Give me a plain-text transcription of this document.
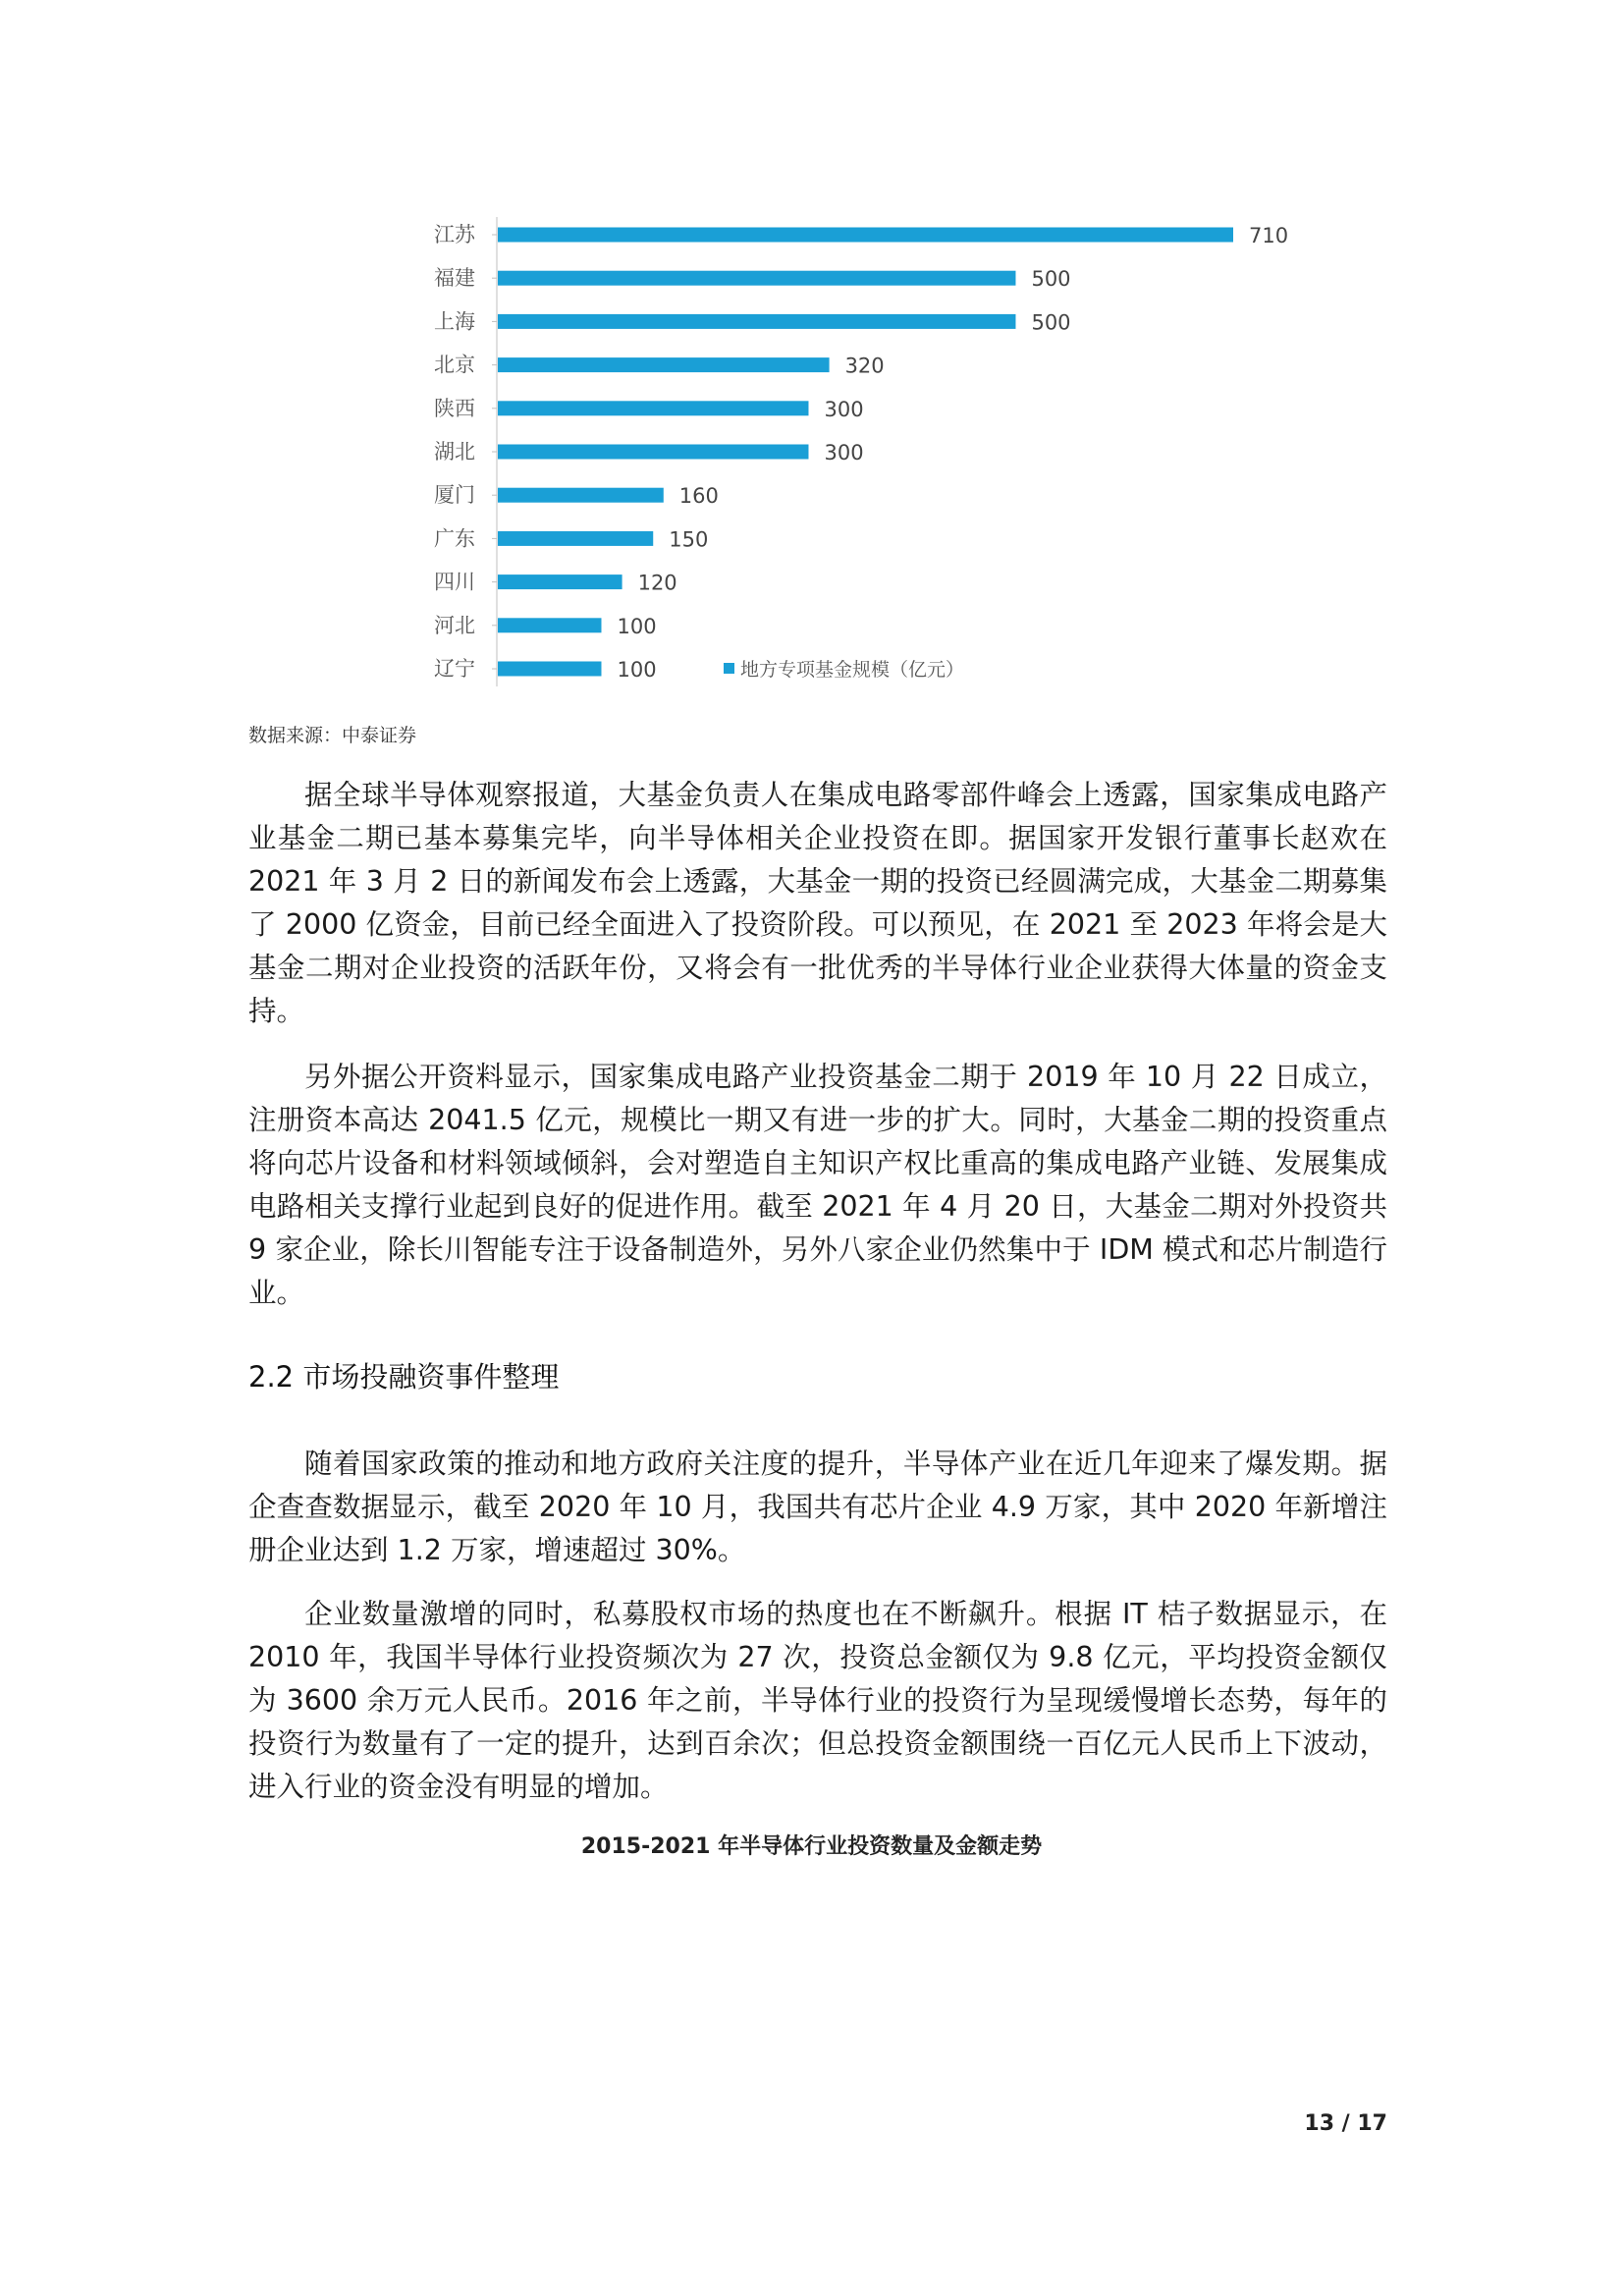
江苏
福建
上海
北京
陕西
湖北
厦门
广东
四川
河北
辽宁
710
500
500
320
300
300
160
150
120
100
100	地方专项基金规模（亿元）
数据来源：中泰证券

据全球半导体观察报道，大基金负责人在集成电路零部件峰会上透露，国家集成电路产业基金二期已基本募集完毕，向半导体相关企业投资在即。据国家开发银行董事长赵欢在 2021 年 3 月 2 日的新闻发布会上透露，大基金一期的投资已经圆满完成，大基金二期募集了 2000 亿资金，目前已经全面进入了投资阶段。可以预见，在 2021 至 2023 年将会是大基金二期对企业投资的活跃年份，又将会有一批优秀的半导体行业企业获得大体量的资金支持。

另外据公开资料显示，国家集成电路产业投资基金二期于 2019 年 10 月 22 日成立，注册资本高达 2041.5 亿元，规模比一期又有进一步的扩大。同时，大基金二期的投资重点将向芯片设备和材料领域倾斜，会对塑造自主知识产权比重高的集成电路产业链、发展集成电路相关支撑行业起到良好的促进作用。截至 2021 年 4 月 20 日，大基金二期对外投资共 9 家企业，除长川智能专注于设备制造外，另外八家企业仍然集中于 IDM 模式和芯片制造行业。

2.2 市场投融资事件整理

随着国家政策的推动和地方政府关注度的提升，半导体产业在近几年迎来了爆发期。据企查查数据显示，截至 2020 年 10 月，我国共有芯片企业 4.9 万家，其中 2020 年新增注册企业达到 1.2 万家，增速超过 30%。

企业数量激增的同时，私募股权市场的热度也在不断飙升。根据 IT 桔子数据显示，在 2010 年，我国半导体行业投资频次为 27 次，投资总金额仅为 9.8 亿元，平均投资金额仅为 3600 余万元人民币。2016 年之前，半导体行业的投资行为呈现缓慢增长态势，每年的投资行为数量有了一定的提升，达到百余次；但总投资金额围绕一百亿元人民币上下波动，进入行业的资金没有明显的增加。

2015-2021 年半导体行业投资数量及金额走势
13 / 17
